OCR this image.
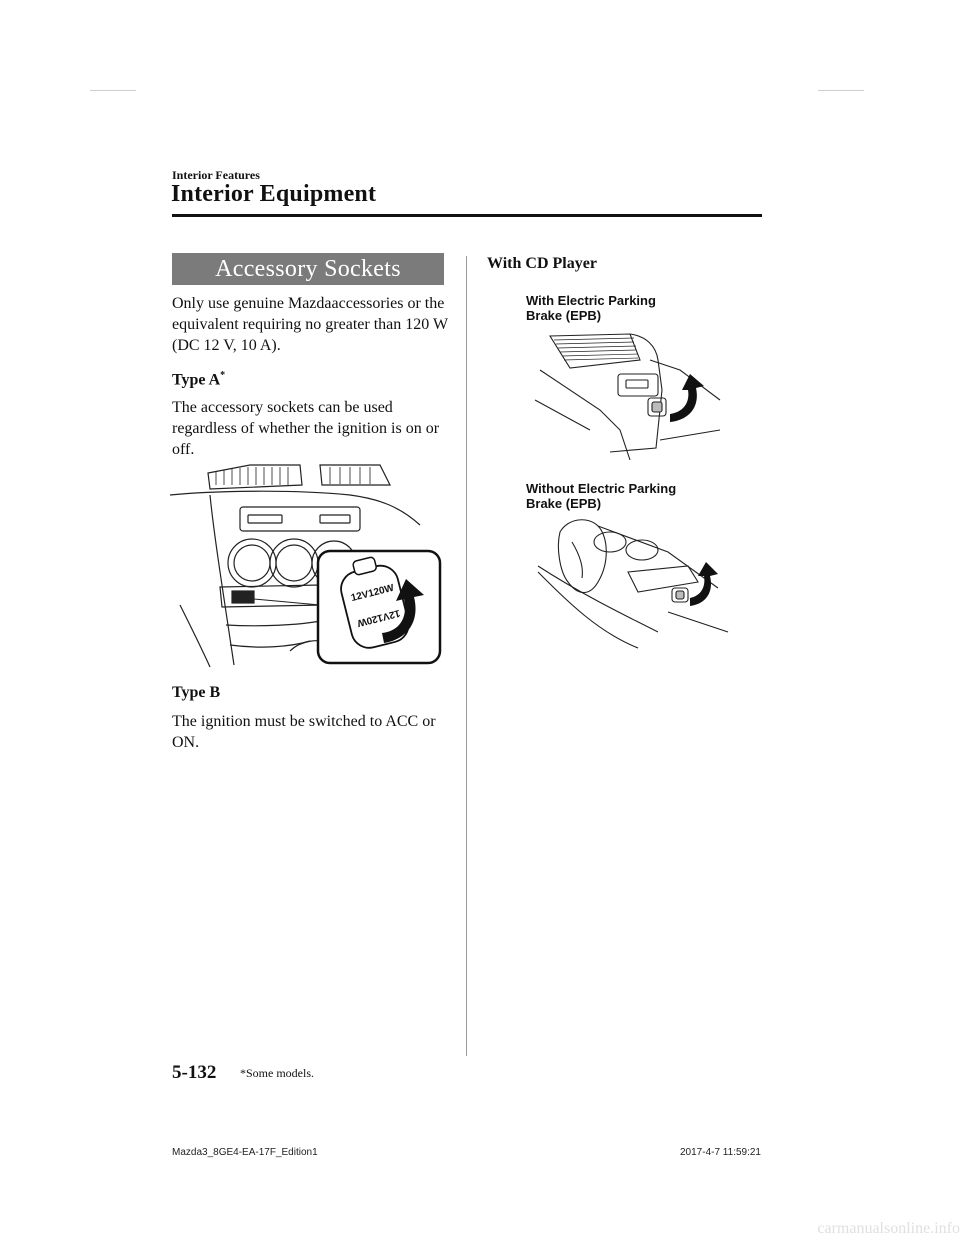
Interior Features
Interior Equipment
Accessory Sockets
Only use genuine Mazdaaccessories or the equivalent requiring no greater than 120 W (DC 12 V, 10 A).
Type A*
The accessory sockets can be used regardless of whether the ignition is on or off.
12V120W
12V120W
Type B
The ignition must be switched to ACC or ON.
With CD Player
With Electric Parking
Brake (EPB)
Without Electric Parking
Brake (EPB)
5-132 *Some models.
Mazda3_8GE4-EA-17F_Edition1	2017-4-7 11:59:21
carmanualsonline.info
